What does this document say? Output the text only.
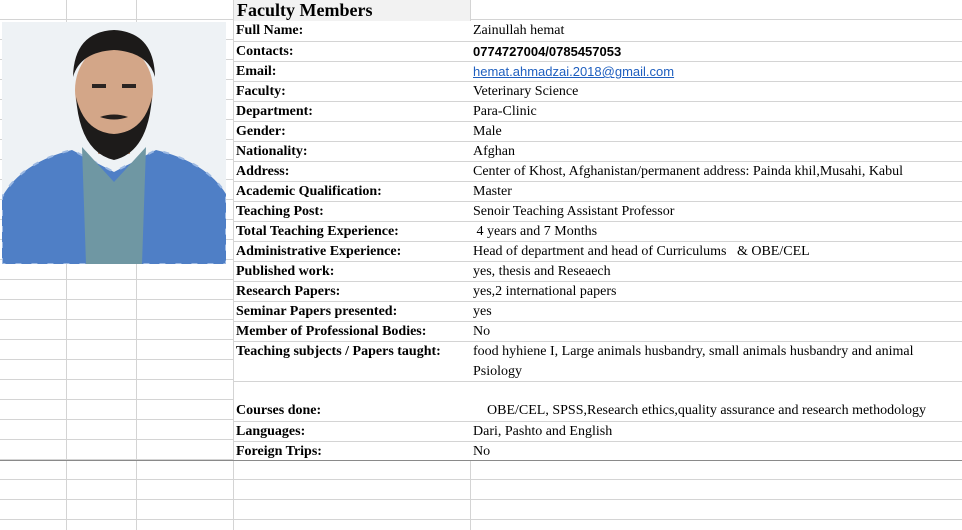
Faculty Members
Full Name:	Zainullah hemat
Contacts:	0774727004/0785457053
Email:	hemat.ahmadzai.2018@gmail.com
Faculty:	Veterinary Science
Department:	Para-Clinic
Gender:	Male
Nationality:	Afghan
Address:	Center of Khost, Afghanistan/permanent address: Painda khil,Musahi, Kabul
Academic Qualification:	Master
Teaching Post:	Senoir Teaching Assistant Professor
Total Teaching Experience:	4 years and 7 Months
Administrative Experience:	Head of department and head of Curriculums   & OBE/CEL
Published work:	yes, thesis and Reseaech
Research Papers:	yes,2 international papers
Seminar Papers presented:	yes
Member of Professional Bodies:	No
Teaching subjects / Papers taught:	food hyhiene I, Large animals husbandry, small animals husbandry and animal Psiology
Courses done:	OBE/CEL, SPSS,Research ethics,quality assurance and research methodology
Languages:	Dari, Pashto and English
Foreign Trips:	No
